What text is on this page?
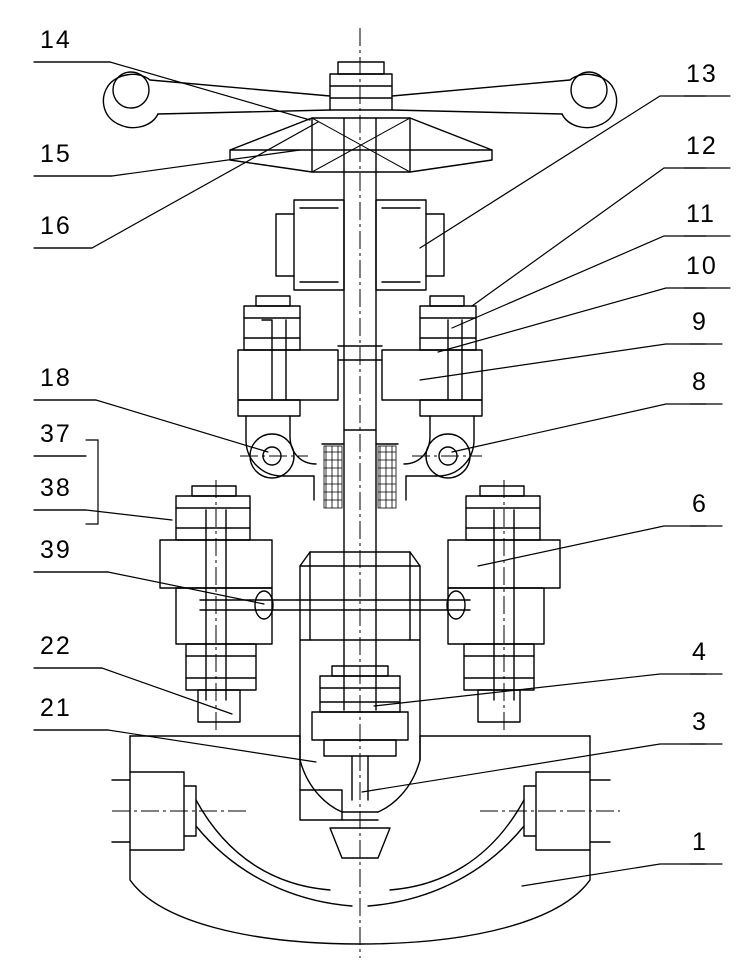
14
15
16
18
37
38
39
22
21
13
12
11
10
9
8
6
4
3
1
